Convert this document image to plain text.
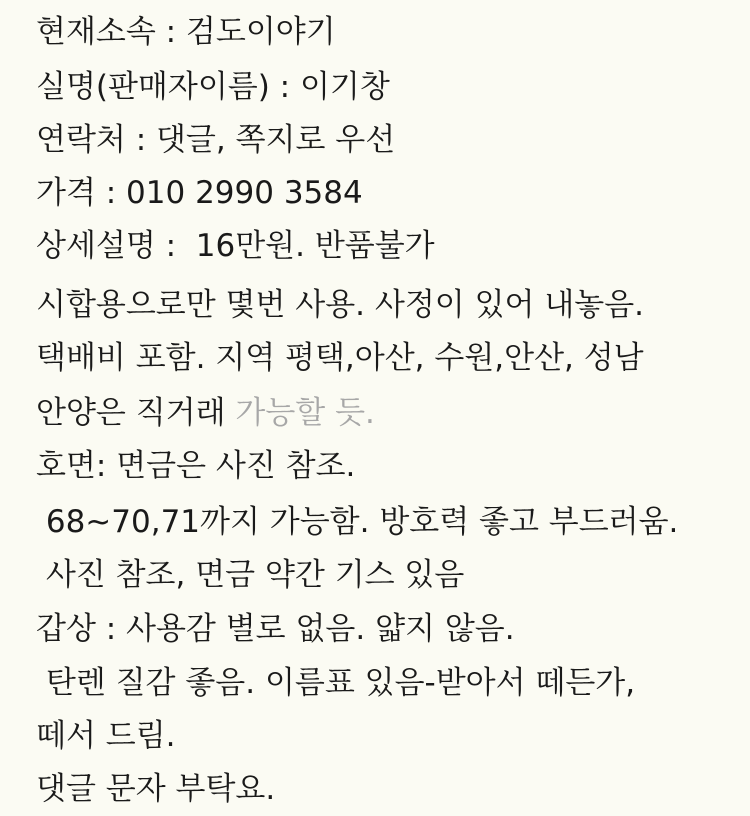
현재소속 : 검도이야기
실명(판매자이름) : 이기창
연락처 : 댓글, 쪽지로 우선
가격 : 010 2990 3584
상세설명 :  16만원. 반품불가
시합용으로만 몇번 사용. 사정이 있어 내놓음.
택배비 포함. 지역 평택,아산, 수원,안산, 성남
안양은 직거래 가능할 듯.
호면: 면금은 사진 참조.
68~70,71까지 가능함. 방호력 좋고 부드러움.
사진 참조, 면금 약간 기스 있음
갑상 : 사용감 별로 없음. 얇지 않음.
탄렌 질감 좋음. 이름표 있음-받아서 떼든가,
떼서 드림.
댓글 문자 부탁요.
